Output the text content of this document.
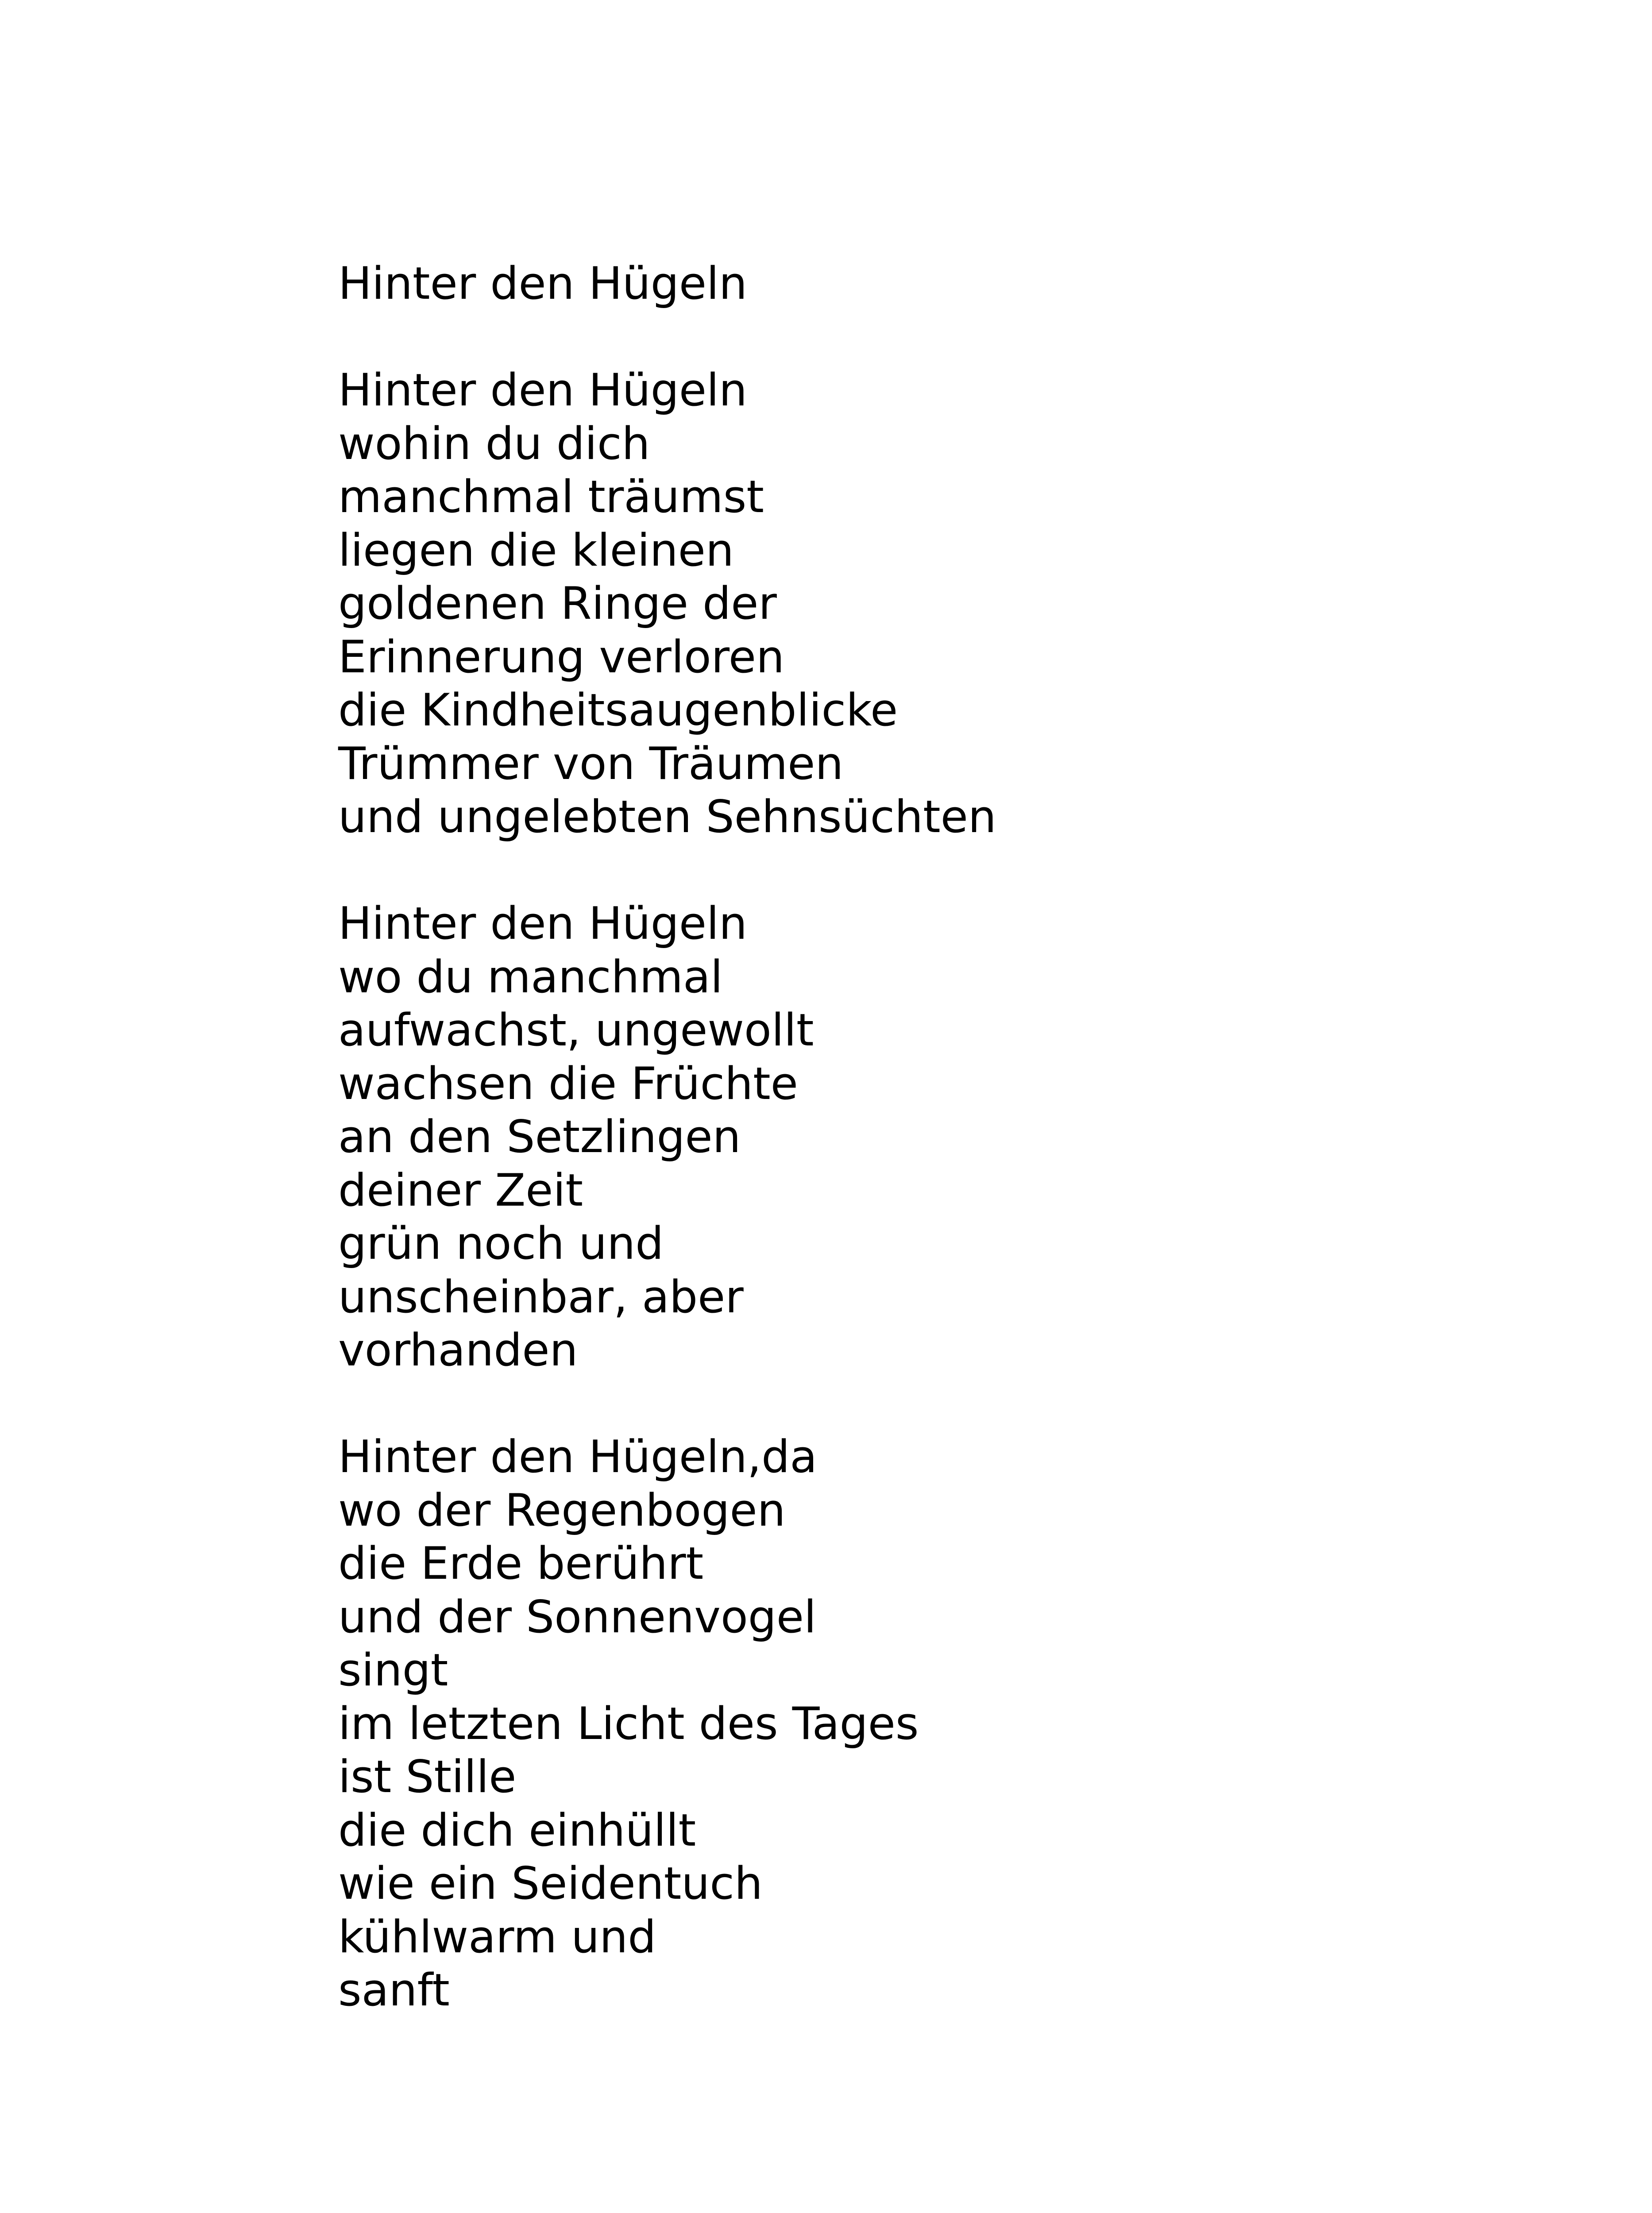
Hinter den Hügeln
Hinter den Hügeln
wohin du dich
manchmal träumst
liegen die kleinen
goldenen Ringe der
Erinnerung verloren
die Kindheitsaugenblicke
Trümmer von Träumen
und ungelebten Sehnsüchten
Hinter den Hügeln
wo du manchmal
aufwachst, ungewollt
wachsen die Früchte
an den Setzlingen
deiner Zeit
grün noch und
unscheinbar, aber
vorhanden
Hinter den Hügeln,da
wo der Regenbogen
die Erde berührt
und der Sonnenvogel
singt
im letzten Licht des Tages
ist Stille
die dich einhüllt
wie ein Seidentuch
kühlwarm und
sanft
